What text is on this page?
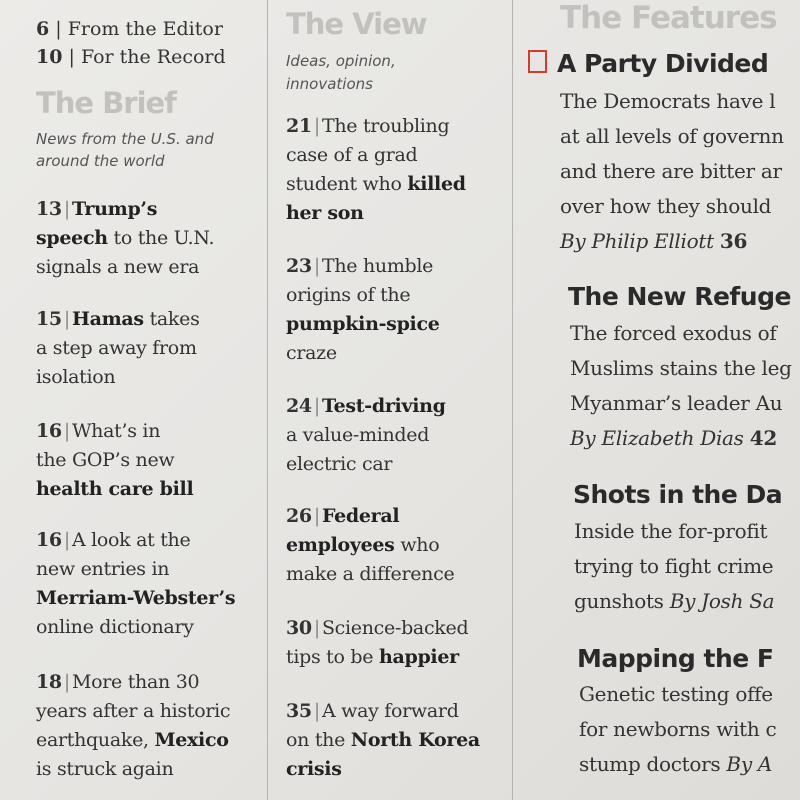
6 | From the Editor
10 | For the Record
The Brief

News from the U.S. and

around the world

13 | Trump’s

speech to the U.N.

signals a new era

15 | Hamas takes

a step away from

isolation

16 | What’s in

the GOP’s new

health care bill

16 | A look at the

new entries in

Merriam-Webster’s

online dictionary

18 | More than 30

years after a historic

earthquake, Mexico

is struck again

The View

Ideas, opinion,

innovations

21 | The troubling

case of a grad

student who killed

her son

23 | The humble

origins of the

pumpkin-spice

craze

24 | Test-driving

a value-minded

electric car

26 | Federal

employees who

make a difference

30 | Science-backed

tips to be happier

35 | A way forward

on the North Korea

crisis

The Features

A Party Divided

The Democrats have l

at all levels of governn

and there are bitter ar

over how they should

By Philip Elliott 36

The New Refuge

The forced exodus of

Muslims stains the leg

Myanmar’s leader Au

By Elizabeth Dias 42

Shots in the Da

Inside the for-profit

trying to fight crime

gunshots By Josh Sa

Mapping the F

Genetic testing offe

for newborns with c

stump doctors By A
